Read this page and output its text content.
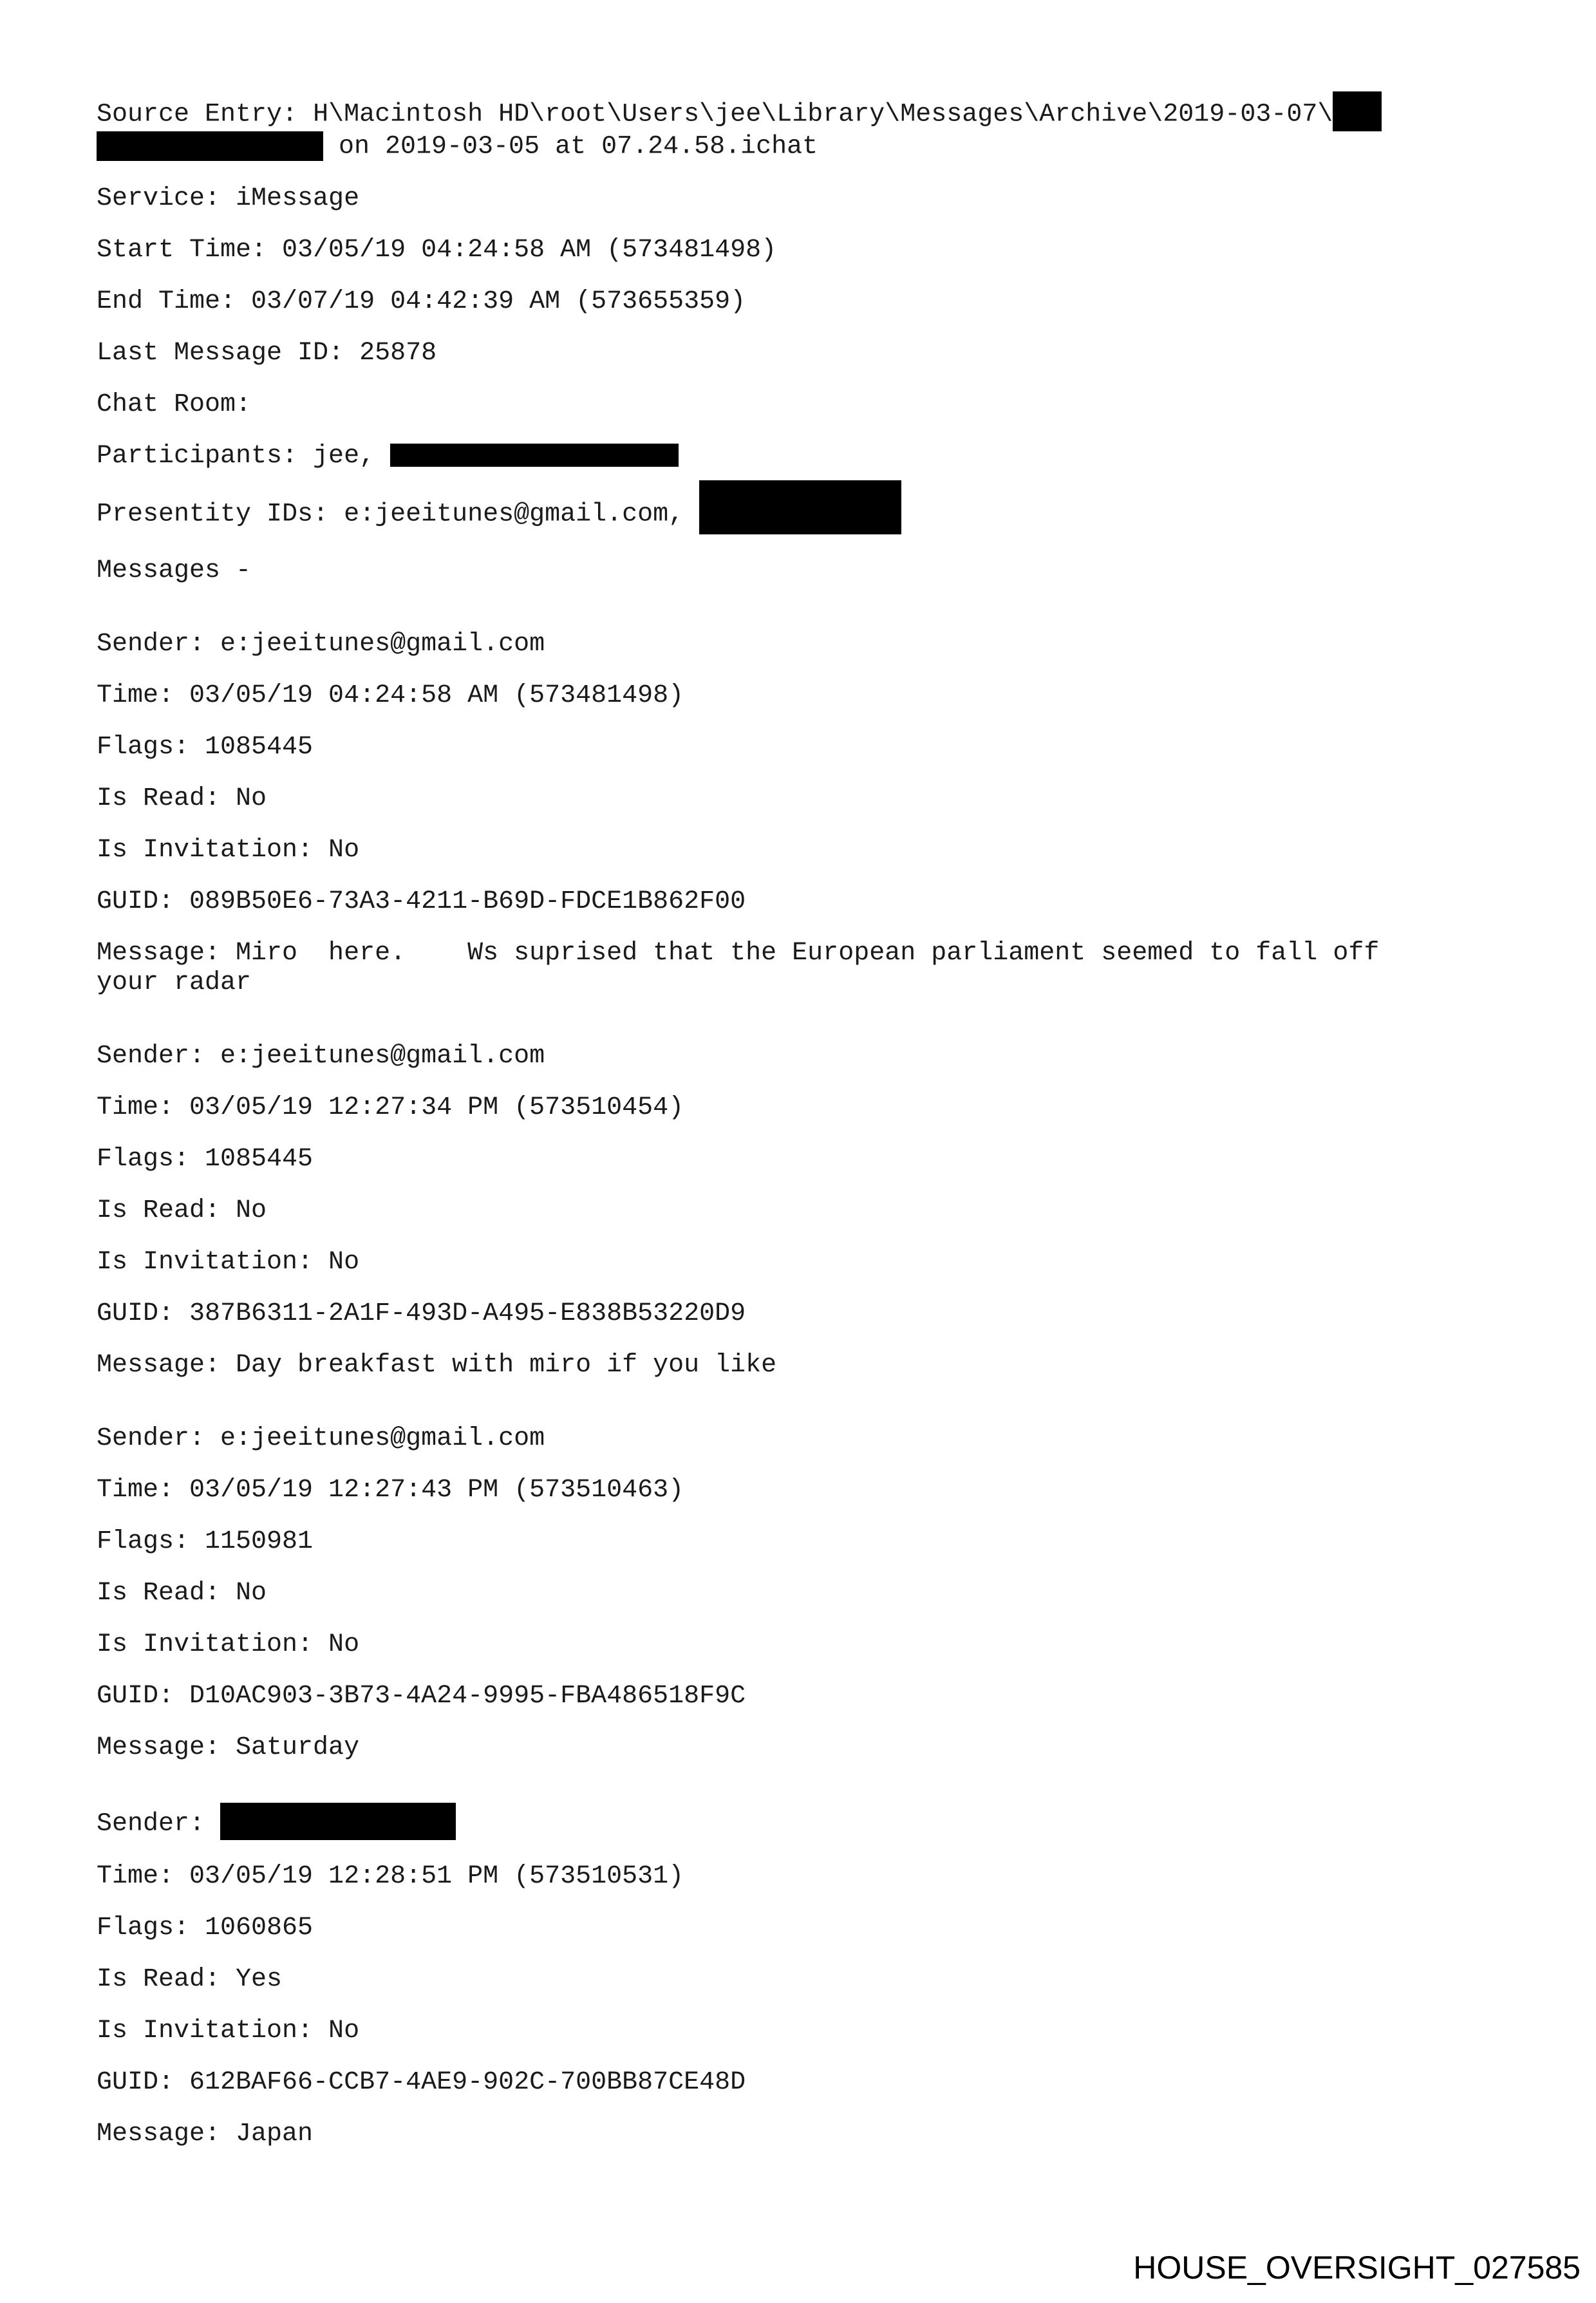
Source Entry: H\Macintosh HD\root\Users\jee\Library\Messages\Archive\2019-03-07\
on 2019-03-05 at 07.24.58.ichat
Service: iMessage
Start Time: 03/05/19 04:24:58 AM (573481498)
End Time: 03/07/19 04:42:39 AM (573655359)
Last Message ID: 25878
Chat Room:
Participants: jee,
Presentity IDs: e:jeeitunes@gmail.com,
Messages -
Sender: e:jeeitunes@gmail.com
Time: 03/05/19 04:24:58 AM (573481498)
Flags: 1085445
Is Read: No
Is Invitation: No
GUID: 089B50E6-73A3-4211-B69D-FDCE1B862F00
Message: Miro  here.    Ws suprised that the European parliament seemed to fall off your radar
Sender: e:jeeitunes@gmail.com
Time: 03/05/19 12:27:34 PM (573510454)
Flags: 1085445
Is Read: No
Is Invitation: No
GUID: 387B6311-2A1F-493D-A495-E838B53220D9
Message: Day breakfast with miro if you like
Sender: e:jeeitunes@gmail.com
Time: 03/05/19 12:27:43 PM (573510463)
Flags: 1150981
Is Read: No
Is Invitation: No
GUID: D10AC903-3B73-4A24-9995-FBA486518F9C
Message: Saturday
Sender:
Time: 03/05/19 12:28:51 PM (573510531)
Flags: 1060865
Is Read: Yes
Is Invitation: No
GUID: 612BAF66-CCB7-4AE9-902C-700BB87CE48D
Message: Japan
HOUSE_OVERSIGHT_027585
